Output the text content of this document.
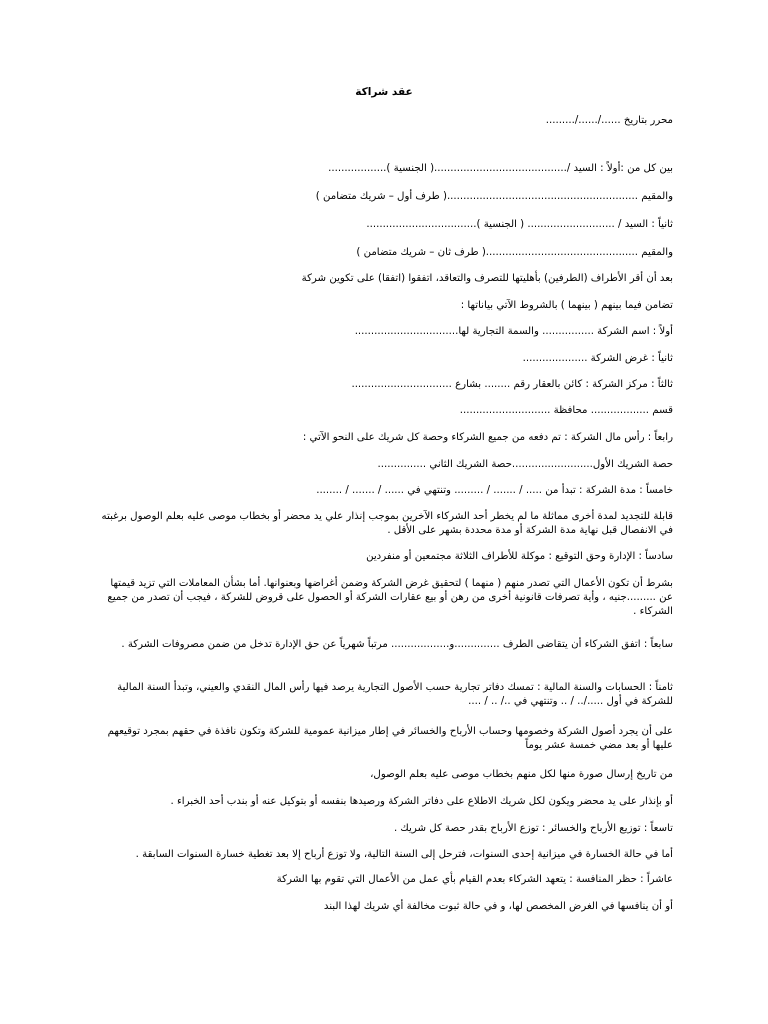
عقد شراكة
محرر بتاريخ ....../....../.........
بين كل من :أولاً : السيد /.........................................( الجنسية )..................
والمقيم ...........................................................( طرف أول – شريك متضامن )
ثانياً : السيد / ........................... ( الجنسية )..................................
والمقيم ...............................................( طرف ثان – شريك متضامن )
بعد أن أقر الأطراف (الطرفين) بأهليتها للتصرف والتعاقد، اتفقوا (اتفقا) على تكوين شركة
تضامن فيما بينهم ( بينهما ) بالشروط الآتي بياناتها :
أولاً : اسم الشركة ................ والسمة التجارية لها................................
ثانياً : غرض الشركة ....................
ثالثاً : مركز الشركة : كائن بالعقار رقم ........ بشارع ...............................
قسم .................. محافظة ............................
رابعاً : رأس مال الشركة : تم دفعه من جميع الشركاء وحصة كل شريك على النحو الآتي :
حصة الشريك الأول.........................حصة الشريك الثاني ...............
خامساً : مدة الشركة : تبدأ من ..... / ....... / ......... وتنتهي في ...... / ....... / ........
قابلة للتجديد لمدة أخرى مماثلة ما لم يخطر أحد الشركاء الآخرين بموجب إنذار علي يد محضر أو بخطاب موصى عليه بعلم الوصول برغبته في الانفصال قبل نهاية مدة الشركة أو مدة محددة بشهر على الأقل .
سادساً : الإدارة وحق التوقيع : موكلة للأطراف الثلاثة مجتمعين أو منفردين
بشرط أن تكون الأعمال التي تصدر منهم ( منهما ) لتحقيق غرض الشركة وضمن أغراضها وبعنوانها. أما بشأن المعاملات التي تزيد قيمتها عن .........جنيه ، وأية تصرفات قانونية أخرى من رهن أو بيع عقارات الشركة أو الحصول على قروض للشركة ، فيجب أن تصدر من جميع الشركاء .
سابعاً : اتفق الشركاء أن يتقاضى الطرف ..............و.................. مرتباً شهرياً عن حق الإدارة تدخل من ضمن مصروفات الشركة .
ثامناً : الحسابات والسنة المالية : تمسك دفاتر تجارية حسب الأصول التجارية يرصد فيها رأس المال النقدي والعيني، وتبدأ السنة المالية للشركة في أول ...../.. / .. وتنتهي في ../ .. / ....
على أن يجرد أصول الشركة وخصومها وحساب الأرباح والخسائر في إطار ميزانية عمومية للشركة وتكون نافذة في حقهم بمجرد توقيعهم عليها أو بعد مضي خمسة عشر يوماً
من تاريخ إرسال صورة منها لكل منهم بخطاب موصى عليه بعلم الوصول،
أو بإنذار على يد محضر ويكون لكل شريك الاطلاع على دفاتر الشركة ورصيدها بنفسه أو بتوكيل عنه أو بندب أحد الخبراء .
تاسعاً : توزيع الأرباح والخسائر : توزع الأرباح بقدر حصة كل شريك .
أما في حالة الخسارة في ميزانية إحدى السنوات، فترحل إلى السنة التالية، ولا توزع أرباح إلا بعد تغطية خسارة السنوات السابقة .
عاشراً : حظر المنافسة : يتعهد الشركاء بعدم القيام بأي عمل من الأعمال التي تقوم بها الشركة
أو أن ينافسها في الغرض المخصص لها، و في حالة ثبوت مخالفة أي شريك لهذا البند
